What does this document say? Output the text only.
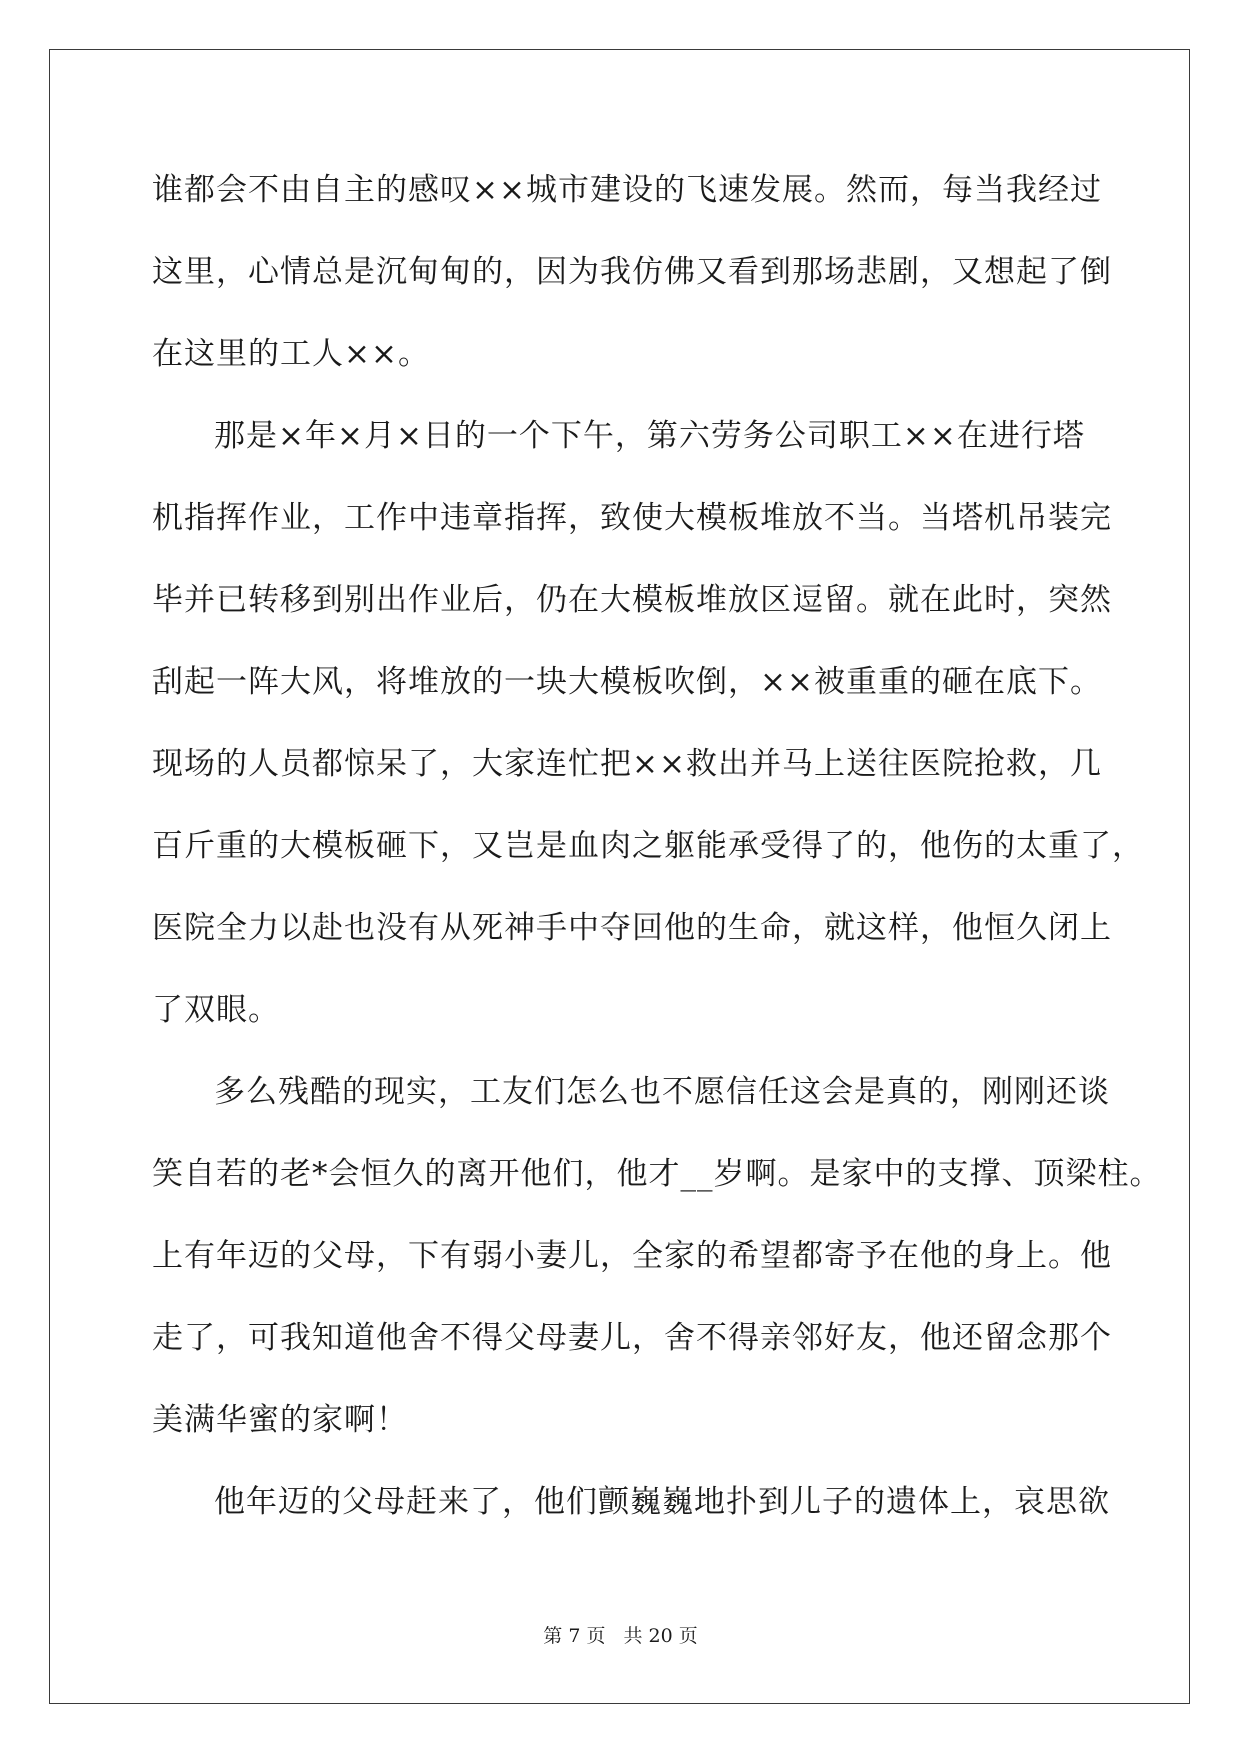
谁都会不由自主的感叹××城市建设的飞速发展。然而，每当我经过
这里，心情总是沉甸甸的，因为我仿佛又看到那场悲剧，又想起了倒
在这里的工人××。
那是×年×月×日的一个下午，第六劳务公司职工××在进行塔
机指挥作业，工作中违章指挥，致使大模板堆放不当。当塔机吊装完
毕并已转移到别出作业后，仍在大模板堆放区逗留。就在此时，突然
刮起一阵大风，将堆放的一块大模板吹倒，××被重重的砸在底下。
现场的人员都惊呆了，大家连忙把××救出并马上送往医院抢救，几
百斤重的大模板砸下，又岂是血肉之躯能承受得了的，他伤的太重了，
医院全力以赴也没有从死神手中夺回他的生命，就这样，他恒久闭上
了双眼。
多么残酷的现实，工友们怎么也不愿信任这会是真的，刚刚还谈
笑自若的老*会恒久的离开他们，他才__岁啊。是家中的支撑、顶梁柱。
上有年迈的父母，下有弱小妻儿，全家的希望都寄予在他的身上。他
走了，可我知道他舍不得父母妻儿，舍不得亲邻好友，他还留念那个
美满华蜜的家啊！
他年迈的父母赶来了，他们颤巍巍地扑到儿子的遗体上，哀思欲
第 7 页 共 20 页
